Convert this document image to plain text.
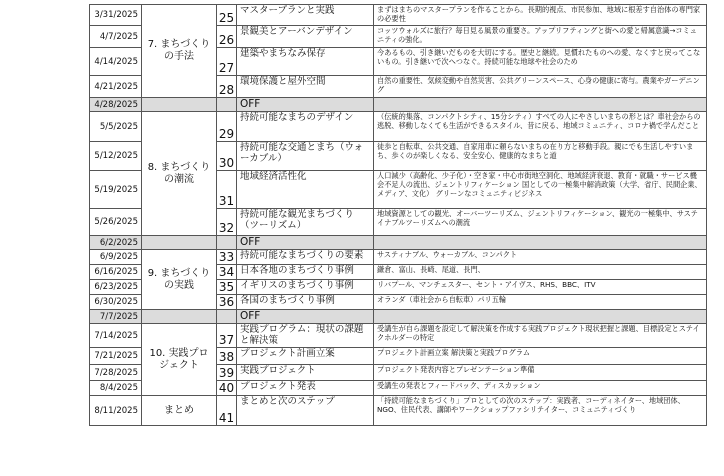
3/31/2025	7. まちづくりの手法	25	マスタープランと実践	まずはまちのマスタープランを作ることから。長期的視点、市民参加、地域に根差す自治体の専門家の必要性
4/7/2025		26	景観美とアーバンデザイン	コッツウォルズに旅行？毎日見る風景の重要さ。アップリフティングと街への愛と帰属意識→コミュニティの強化。
4/14/2025		27	建築やまちなみ保存	今あるもの、引き継いだものを大切にする。歴史と継続。見慣れたものへの愛、なくすと戻ってこないもの。引き継いで次へつなぐ。持続可能な地球や社会のため
4/21/2025		28	環境保護と屋外空間	自然の重要性、気候変動や自然災害、公共グリーンスペース、心身の健康に寄与。農業やガーデニング
4/28/2025			OFF	
5/5/2025	8. まちづくりの潮流	29	持続可能なまちのデザイン	（伝統的集落、コンパクトシティ、15分シティ）すべての人にやさしいまちの形とは？車社会からの逃脱、移動しなくても生活ができるスタイル、昔に戻る、地域コミュニティ、コロナ禍で学んだこと
5/12/2025		30	持続可能な交通とまち（ウォーカブル）	徒歩と自転車、公共交通、自家用車に頼らないまちの在り方と移動手段。親にでも生活しやすいまち、歩くのが楽しくなる、安全安心、健康的なまちと道
5/19/2025		31	地域経済活性化	人口減少（高齢化、少子化）・空き家・中心市街地空洞化、地域経済衰退、教育・就職・サービス機会不足人の流出、ジェントリフィケーション 国としての一極集中解消政策（大学、省庁、民間企業、メディア、文化） グリーンなコミュニティビジネス
5/26/2025		32	持続可能な観光まちづくり（ツーリズム）	地域資源としての観光、オーバーツーリズム、ジェントリフィケーション、観光の一極集中、サステイナブルツーリズムへの潮流
6/2/2025			OFF	
6/9/2025	9. まちづくりの実践	33	持続可能なまちづくりの要素	サスティナブル、ウォーカブル、コンパクト
6/16/2025		34	日本各地のまちづくり事例	鎌倉、富山、長崎、尾道、長門、
6/23/2025		35	イギリスのまちづくり事例	リバプール、マンチェスター、セント・アイヴス、RHS、BBC、ITV
6/30/2025		36	各国のまちづくり事例	オランダ（車社会から自転車）パリ五輪
7/7/2025			OFF	
7/14/2025	10. 実践プロジェクト	37	実践プログラム：現状の課題と解決策	受講生が自ら課題を設定して解決策を作成する実践プロジェクト現状把握と課題、目標設定とステイクホルダーの特定
7/21/2025		38	プロジェクト計画立案	プロジェクト計画立案 解決策と実践プログラム
7/28/2025		39	実践プロジェクト	プロジェクト発表内容とプレゼンテーション準備
8/4/2025		40	プロジェクト発表	受講生の発表とフィードバック、ディスカッション
8/11/2025	まとめ	41	まとめと次のステップ	「持続可能なまちづくり」プロとしての次のステップ：実践者、コーディネイター、地域団体、NGO、住民代表、講師やワークショップファシリテイター、コミュニティづくり
